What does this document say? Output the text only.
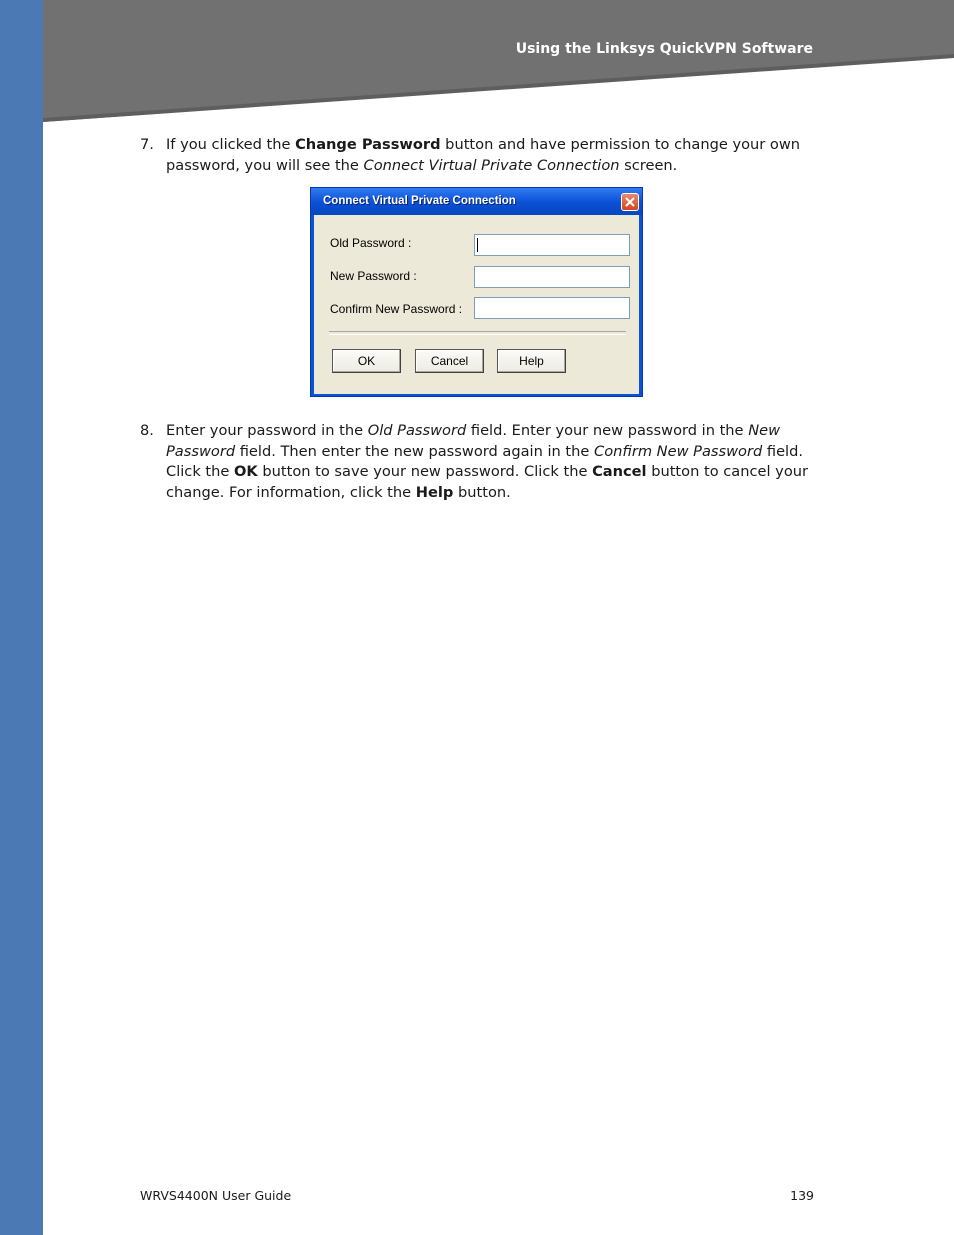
Using the Linksys QuickVPN Software
7. If you clicked the Change Password button and have permission to change your own password, you will see the Connect Virtual Private Connection screen.
Connect Virtual Private Connection
Old Password :
New Password :
Confirm New Password :
OK	Cancel	Help
8. Enter your password in the Old Password field. Enter your new password in the New Password field. Then enter the new password again in the Confirm New Password field. Click the OK button to save your new password. Click the Cancel button to cancel your change. For information, click the Help button.
WRVS4400N User Guide	139
